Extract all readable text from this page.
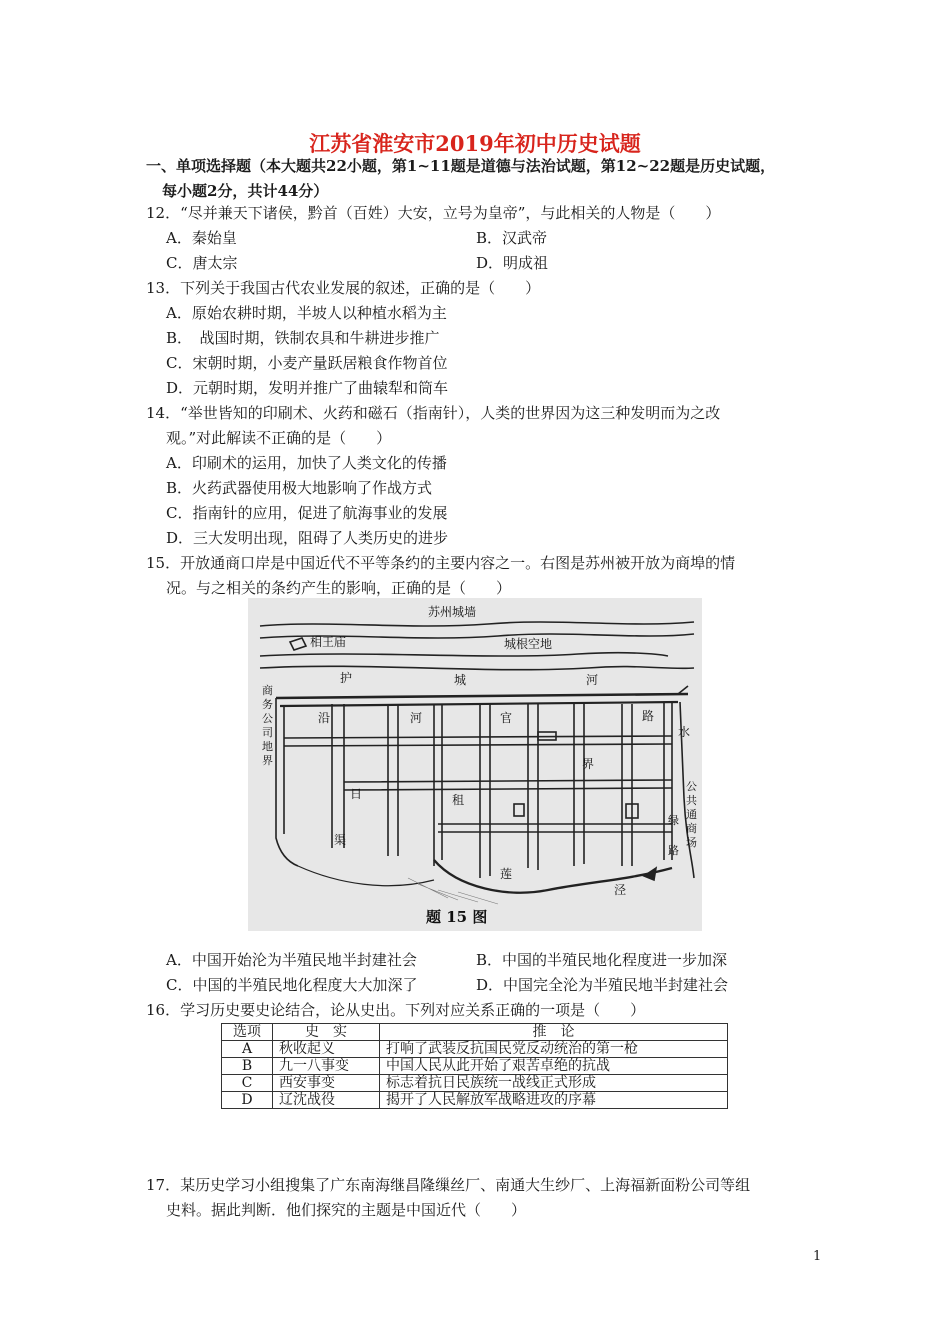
江苏省淮安市2019年初中历史试题
一、单项选择题（本大题共22小题，第1~11题是道德与法治试题，第12~22题是历史试题，
每小题2分，共计44分）
12．“尽并兼天下诸侯，黔首（百姓）大安，立号为皇帝”，与此相关的人物是（　　）
A．秦始皇	B．汉武帝
C．唐太宗	D．明成祖
13．下列关于我国古代农业发展的叙述，正确的是（　　）
A．原始农耕时期，半坡人以种植水稻为主
B．　战国时期，铁制农具和牛耕进步推广
C．宋朝时期，小麦产量跃居粮食作物首位
D．元朝时期，发明并推广了曲辕犁和筒车
14．“举世皆知的印刷术、火药和磁石（指南针），人类的世界因为这三种发明而为之改
观。”对此解读不正确的是（　　）
A．印刷术的运用，加快了人类文化的传播
B．火药武器使用极大地影响了作战方式
C．指南针的应用，促进了航海事业的发展
D．三大发明出现，阻碍了人类历史的进步
15．开放通商口岸是中国近代不平等条约的主要内容之一。右图是苏州被开放为商埠的情
况。与之相关的条约产生的影响，正确的是（　　）
苏州城墙
相王庙	城根空地
护	城	河
沿	河	官	路
商
务
公
司
地
界
日	租
界
水
绿
路
公
共
通
商
场
渠
莲
泾
题 15 图
A．中国开始沦为半殖民地半封建社会	B．中国的半殖民地化程度进一步加深
C．中国的半殖民地化程度大大加深了	D．中国完全沦为半殖民地半封建社会
16．学习历史要史论结合，论从史出。下列对应关系正确的一项是（　　）
选项	史　实	推　论
A	秋收起义	打响了武装反抗国民党反动统治的第一枪
B	九一八事变	中国人民从此开始了艰苦卓绝的抗战
C	西安事变	标志着抗日民族统一战线正式形成
D	辽沈战役	揭开了人民解放军战略进攻的序幕
17．某历史学习小组搜集了广东南海继昌隆缫丝厂、南通大生纱厂、上海福新面粉公司等组
史料。据此判断．他们探究的主题是中国近代（　　）
1
